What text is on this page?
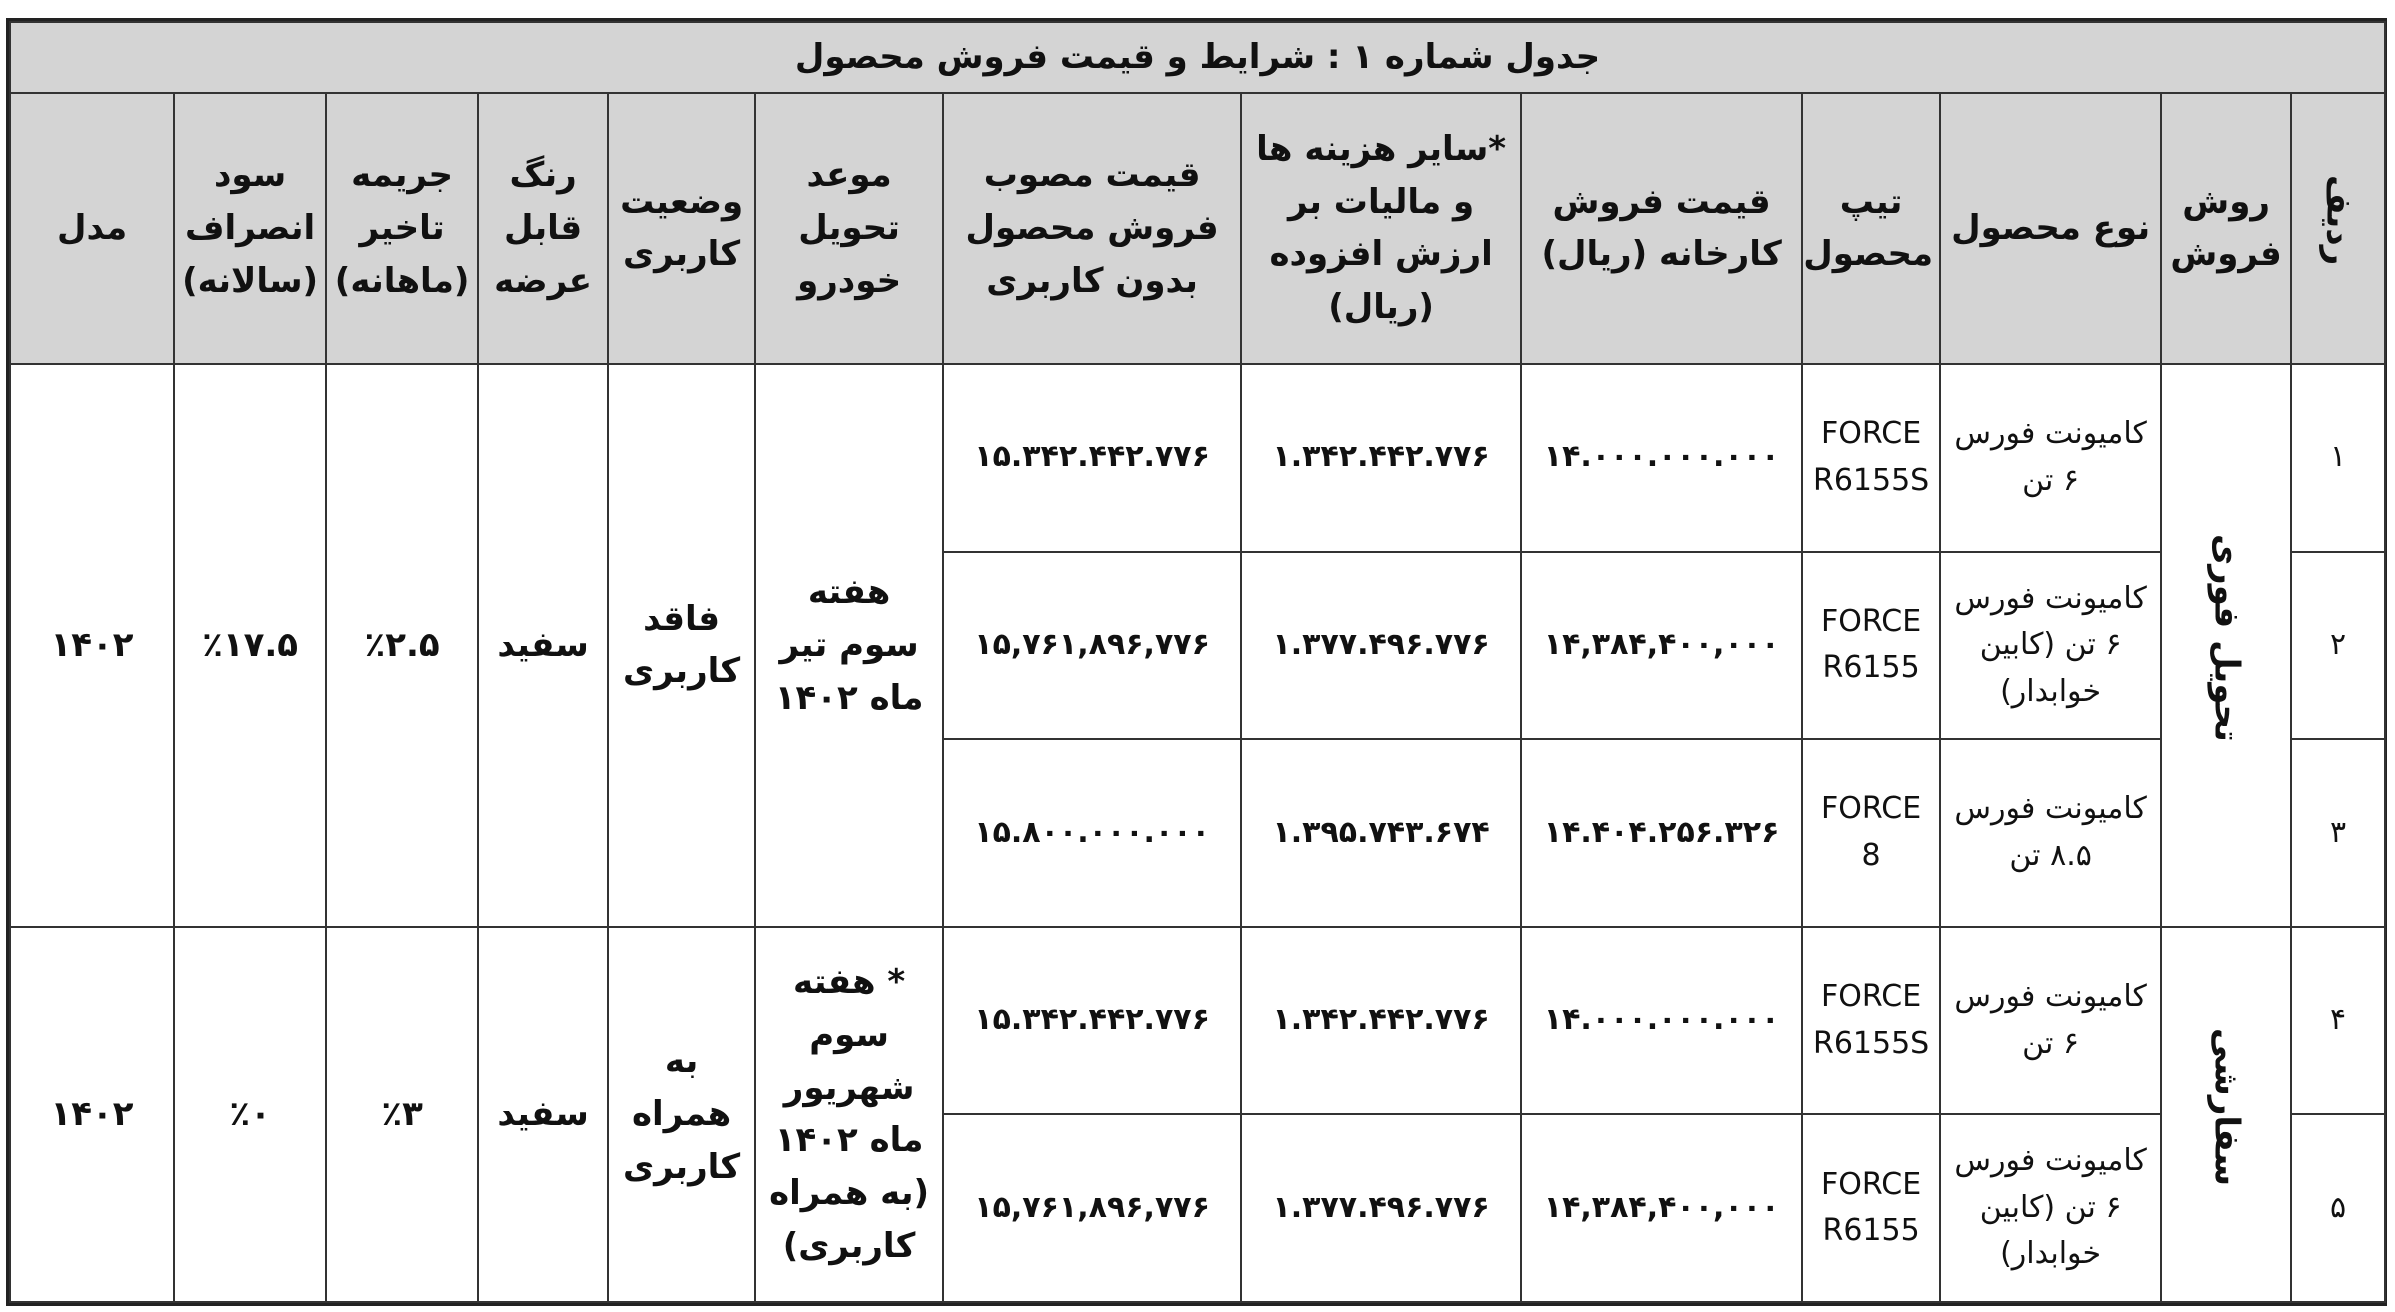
جدول شماره ۱ : شرایط و قیمت فروش محصول												
ردیف	روش فروش	نوع محصول	تیپ محصول	قیمت فروش کارخانه (ریال)	*سایر هزینه ها و مالیات بر ارزش افزوده (ریال)	قیمت مصوب فروش محصول بدون کاربری	موعد تحویل خودرو	وضعیت کاربری	رنگ قابل عرضه	جریمه تاخیر (ماهانه)	سود انصراف (سالانه)	مدل
۱	تحویل فوری	کامیونت فورس ۶ تن	FORCE R6155S	۱۴.۰۰۰.۰۰۰.۰۰۰	۱.۳۴۲.۴۴۲.۷۷۶	۱۵.۳۴۲.۴۴۲.۷۷۶	هفته سوم تیر ماه ۱۴۰۲	فاقد کاربری	سفید	٪۲.۵	٪۱۷.۵	۱۴۰۲
۲		کامیونت فورس ۶ تن (کابین خوابدار)	FORCE R6155	۱۴,۳۸۴,۴۰۰,۰۰۰	۱.۳۷۷.۴۹۶.۷۷۶	۱۵,۷۶۱,۸۹۶,۷۷۶						
۳		کامیونت فورس ۸.۵ تن	FORCE 8	۱۴.۴۰۴.۲۵۶.۳۲۶	۱.۳۹۵.۷۴۳.۶۷۴	۱۵.۸۰۰.۰۰۰.۰۰۰						
۴	سفارشی	کامیونت فورس ۶ تن	FORCE R6155S	۱۴.۰۰۰.۰۰۰.۰۰۰	۱.۳۴۲.۴۴۲.۷۷۶	۱۵.۳۴۲.۴۴۲.۷۷۶	* هفته سوم شهریور ماه ۱۴۰۲ (به همراه کاربری)	به همراه کاربری	سفید	٪۳	٪۰	۱۴۰۲
۵		کامیونت فورس ۶ تن (کابین خوابدار)	FORCE R6155	۱۴,۳۸۴,۴۰۰,۰۰۰	۱.۳۷۷.۴۹۶.۷۷۶	۱۵,۷۶۱,۸۹۶,۷۷۶						
